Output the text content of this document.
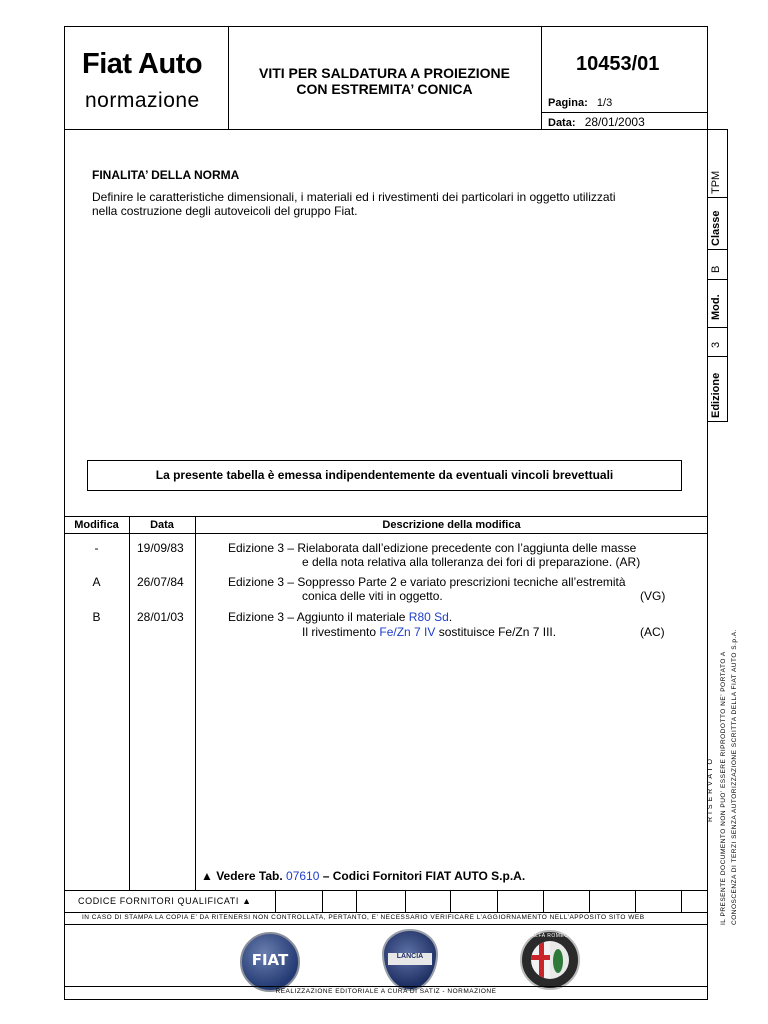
Fiat Auto
normazione
VITI PER SALDATURA A PROIEZIONE
CON ESTREMITA’ CONICA
10453/01
Pagina: 1/3
Data: 28/01/2003
TPM
Classe
B
Mod.
3
Edizione
FINALITA’ DELLA NORMA
Definire le caratteristiche dimensionali, i materiali ed i rivestimenti dei particolari in oggetto utilizzati
nella costruzione degli autoveicoli del gruppo Fiat.
La presente tabella è emessa indipendentemente da eventuali vincoli brevettuali
Modifica	Data	Descrizione della modifica
-	19/09/83	Edizione 3 – Rielaborata dall’edizione precedente con l’aggiunta delle masse
e della nota relativa alla tolleranza dei fori di preparazione. (AR)
A	26/07/84	Edizione 3 – Soppresso Parte 2 e variato prescrizioni tecniche all’estremità
conica delle viti in oggetto.	(VG)
B	28/01/03	Edizione 3 – Aggiunto il materiale R80 Sd.
Il rivestimento Fe/Zn 7 IV sostituisce Fe/Zn 7 III.	(AC)
▲ Vedere Tab. 07610 – Codici Fornitori FIAT AUTO S.p.A.
CODICE FORNITORI QUALIFICATI ▲
IN CASO DI STAMPA LA COPIA E’ DA RITENERSI NON CONTROLLATA, PERTANTO, E’ NECESSARIO VERIFICARE L’AGGIORNAMENTO NELL’APPOSITO SITO WEB
FIAT	LANCIA
ALFA ROMEO
REALIZZAZIONE EDITORIALE A CURA DI SATIZ - NORMAZIONE
R I S E R V A T O IL PRESENTE DOCUMENTO NON PUO’ ESSERE RIPRODOTTO NE’ PORTATO A CONOSCENZA DI TERZI SENZA AUTORIZZAZIONE SCRITTA DELLA FIAT AUTO S.p.A.
